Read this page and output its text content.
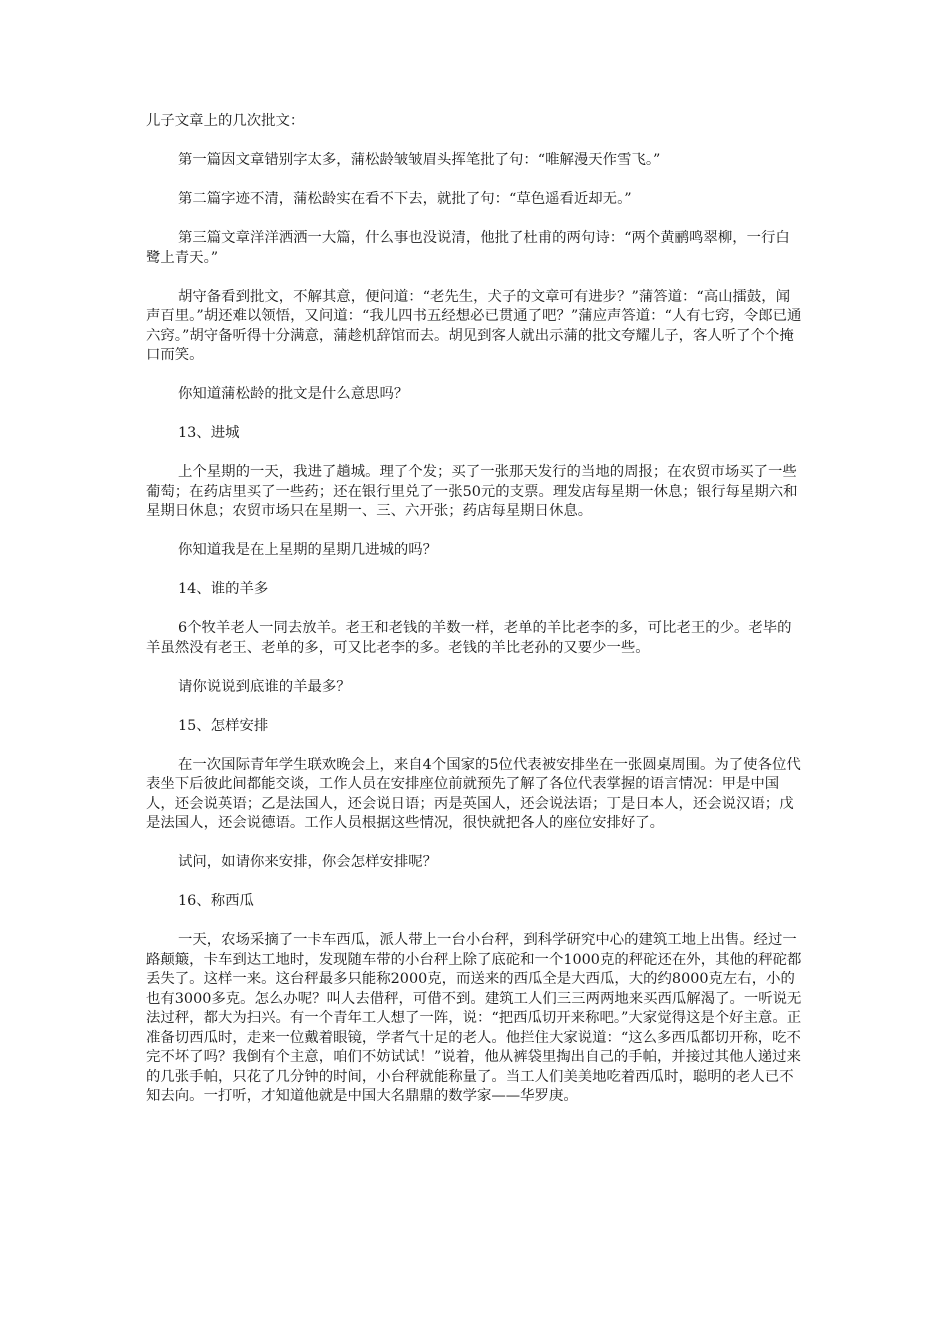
儿子文章上的几次批文：

第一篇因文章错别字太多，蒲松龄皱皱眉头挥笔批了句：“唯解漫天作雪飞。”

第二篇字迹不清，蒲松龄实在看不下去，就批了句：“草色遥看近却无。”

第三篇文章洋洋洒洒一大篇，什么事也没说清，他批了杜甫的两句诗：“两个黄鹂鸣翠柳，一行白鹭上青天。”

胡守备看到批文，不解其意，便问道：“老先生，犬子的文章可有进步？”蒲答道：“高山擂鼓，闻声百里。”胡还难以领悟，又问道：“我儿四书五经想必已贯通了吧？”蒲应声答道：“人有七窍，令郎已通六窍。”胡守备听得十分满意，蒲趁机辞馆而去。胡见到客人就出示蒲的批文夸耀儿子，客人听了个个掩口而笑。

你知道蒲松龄的批文是什么意思吗？

13、进城

上个星期的一天，我进了趟城。理了个发；买了一张那天发行的当地的周报；在农贸市场买了一些葡萄；在药店里买了一些药；还在银行里兑了一张50元的支票。理发店每星期一休息；银行每星期六和星期日休息；农贸市场只在星期一、三、六开张；药店每星期日休息。

你知道我是在上星期的星期几进城的吗？

14、谁的羊多

6个牧羊老人一同去放羊。老王和老钱的羊数一样，老单的羊比老李的多，可比老王的少。老毕的羊虽然没有老王、老单的多，可又比老李的多。老钱的羊比老孙的又要少一些。

请你说说到底谁的羊最多？

15、怎样安排

在一次国际青年学生联欢晚会上，来自4个国家的5位代表被安排坐在一张圆桌周围。为了使各位代表坐下后彼此间都能交谈，工作人员在安排座位前就预先了解了各位代表掌握的语言情况：甲是中国人，还会说英语；乙是法国人，还会说日语；丙是英国人，还会说法语；丁是日本人，还会说汉语；戊是法国人，还会说德语。工作人员根据这些情况，很快就把各人的座位安排好了。

试问，如请你来安排，你会怎样安排呢？

16、称西瓜

一天，农场采摘了一卡车西瓜，派人带上一台小台秤，到科学研究中心的建筑工地上出售。经过一路颠簸，卡车到达工地时，发现随车带的小台秤上除了底砣和一个1000克的秤砣还在外，其他的秤砣都丢失了。这样一来。这台秤最多只能称2000克，而送来的西瓜全是大西瓜，大的约8000克左右，小的也有3000多克。怎么办呢？叫人去借秤，可借不到。建筑工人们三三两两地来买西瓜解渴了。一听说无法过秤，都大为扫兴。有一个青年工人想了一阵，说：“把西瓜切开来称吧。”大家觉得这是个好主意。正准备切西瓜时，走来一位戴着眼镜，学者气十足的老人。他拦住大家说道：“这么多西瓜都切开称，吃不完不坏了吗？我倒有个主意，咱们不妨试试！”说着，他从裤袋里掏出自己的手帕，并接过其他人递过来的几张手帕，只花了几分钟的时间，小台秤就能称量了。当工人们美美地吃着西瓜时，聪明的老人已不知去向。一打听，才知道他就是中国大名鼎鼎的数学家——华罗庚。
